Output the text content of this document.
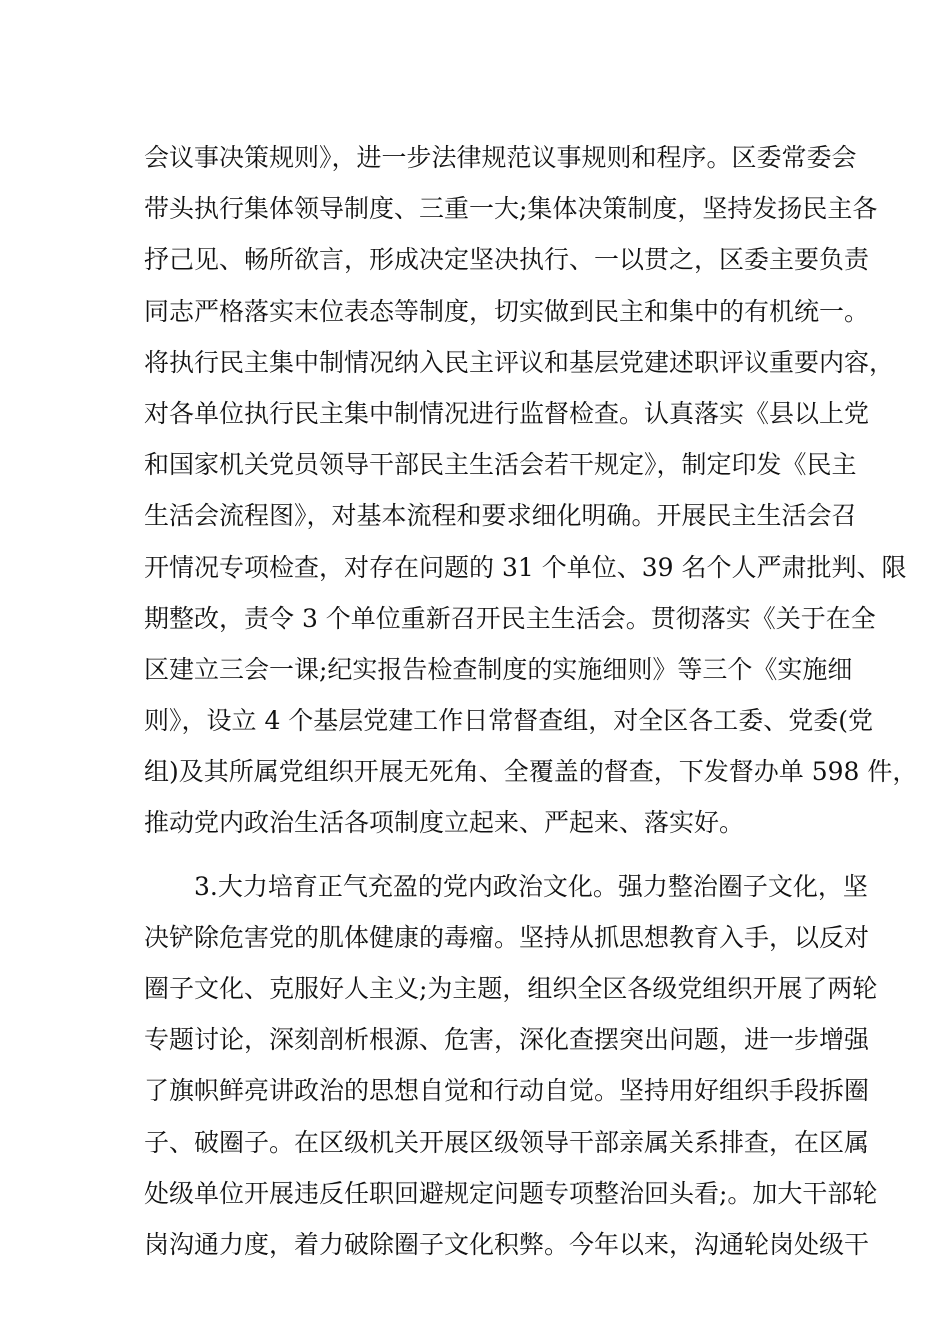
会议事决策规则》，进一步法律规范议事规则和程序。区委常委会
带头执行集体领导制度、三重一大;集体决策制度，坚持发扬民主各
抒己见、畅所欲言，形成决定坚决执行、一以贯之，区委主要负责
同志严格落实末位表态等制度，切实做到民主和集中的有机统一。
将执行民主集中制情况纳入民主评议和基层党建述职评议重要内容，
对各单位执行民主集中制情况进行监督检查。认真落实《县以上党
和国家机关党员领导干部民主生活会若干规定》，制定印发《民主
生活会流程图》，对基本流程和要求细化明确。开展民主生活会召
开情况专项检查，对存在问题的 31 个单位、39 名个人严肃批判、限
期整改，责令 3 个单位重新召开民主生活会。贯彻落实《关于在全
区建立三会一课;纪实报告检查制度的实施细则》等三个《实施细
则》，设立 4 个基层党建工作日常督查组，对全区各工委、党委(党
组)及其所属党组织开展无死角、全覆盖的督查，下发督办单 598 件，
推动党内政治生活各项制度立起来、严起来、落实好。
　　3.大力培育正气充盈的党内政治文化。强力整治圈子文化，坚
决铲除危害党的肌体健康的毒瘤。坚持从抓思想教育入手，以反对
圈子文化、克服好人主义;为主题，组织全区各级党组织开展了两轮
专题讨论，深刻剖析根源、危害，深化查摆突出问题，进一步增强
了旗帜鲜亮讲政治的思想自觉和行动自觉。坚持用好组织手段拆圈
子、破圈子。在区级机关开展区级领导干部亲属关系排查，在区属
处级单位开展违反任职回避规定问题专项整治回头看;。加大干部轮
岗沟通力度，着力破除圈子文化积弊。今年以来，沟通轮岗处级干
